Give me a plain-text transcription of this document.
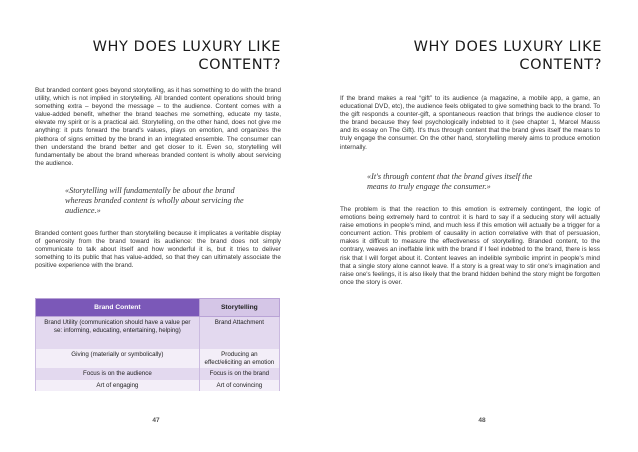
WHY DOES LUXURY LIKE
CONTENT?

But branded content goes beyond storytelling, as it has something to do with the brand utility, which is not implied in storytelling. All branded content operations should bring something extra – beyond the message – to the audience. Content comes with a value-added benefit, whether the brand teaches me something, educate my taste, elevate my spirit or is a practical aid. Storytelling, on the other hand, does not give me anything: it puts forward the brand's values, plays on emotion, and organizes the plethora of signs emitted by the brand in an integrated ensemble. The consumer can then understand the brand better and get closer to it. Even so, storytelling will fundamentally be about the brand whereas branded content is wholly about servicing the audience.

«Storytelling will fundamentally be about the brand whereas branded content is wholly about servicing the audience.»

Branded content goes further than storytelling because it implicates a veritable display of generosity from the brand toward its audience: the brand does not simply communicate to talk about itself and how wonderful it is, but it tries to deliver something to its public that has value-added, so that they can ultimately associate the positive experience with the brand.

Brand Content	Storytelling
Brand Utility (communication should have a value per se: informing, educating, entertaining, helping)	Brand Attachment
Giving (materially or symbolically)	Producing an effect/eliciting an emotion
Focus is on the audience	Focus is on the brand
Art of engaging	Art of convincing
47
WHY DOES LUXURY LIKE
CONTENT?

If the brand makes a real “gift” to its audience (a magazine, a mobile app, a game, an educational DVD, etc), the audience feels obligated to give something back to the brand. To the gift responds a counter-gift, a spontaneous reaction that brings the audience closer to the brand because they feel psychologically indebted to it (see chapter 1, Marcel Mauss and its essay on The Gift). It's thus through content that the brand gives itself the means to truly engage the consumer. On the other hand, storytelling merely aims to produce emotion internally.

«It's through content that the brand gives itself the means to truly engage the consumer.»

The problem is that the reaction to this emotion is extremely contingent, the logic of emotions being extremely hard to control: it is hard to say if a seducing story will actually raise emotions in people's mind, and much less if this emotion will actually be a trigger for a concurrent action. This problem of causality in action correlative with that of persuasion, makes it difficult to measure the effectiveness of storytelling. Branded content, to the contrary, weaves an ineffable link with the brand if I feel indebted to the brand, there is less risk that I will forget about it. Content leaves an indelible symbolic imprint in people's mind that a single story alone cannot leave. If a story is a great way to stir one's imagination and raise one's feelings, it is also likely that the brand hidden behind the story might be forgotten once the story is over.

48
